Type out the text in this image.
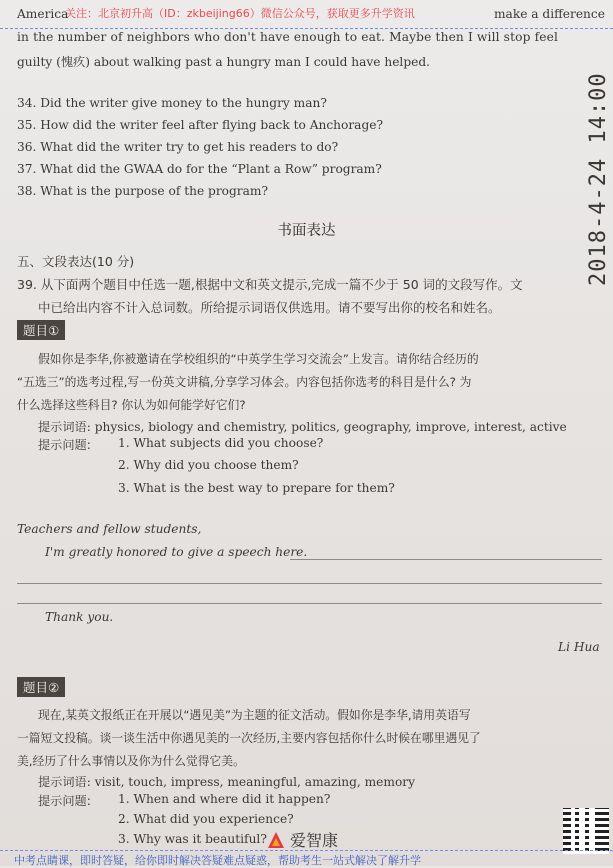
关注：北京初升高（ID：zkbeijing66）微信公众号，获取更多升学资讯
America	make a difference
in the number of neighbors who don't have enough to eat. Maybe then I will stop feel
guilty (愧疚) about walking past a hungry man I could have helped.
34. Did the writer give money to the hungry man?
35. How did the writer feel after flying back to Anchorage?
36. What did the writer try to get his readers to do?
37. What did the GWAA do for the “Plant a Row” program?
38. What is the purpose of the program?
书面表达
五、文段表达(10 分)
39. 从下面两个题目中任选一题,根据中文和英文提示,完成一篇不少于 50 词的文段写作。文
中已给出内容不计入总词数。所给提示词语仅供选用。请不要写出你的校名和姓名。
题目①
假如你是李华,你被邀请在学校组织的“中英学生学习交流会”上发言。请你结合经历的
“五选三”的选考过程,写一份英文讲稿,分享学习体会。内容包括你选考的科目是什么? 为
什么选择这些科目? 你认为如何能学好它们?
提示词语: physics, biology and chemistry, politics, geography, improve, interest, active
提示问题: 1. What subjects did you choose?
2. Why did you choose them?
3. What is the best way to prepare for them?
Teachers and fellow students,
I'm greatly honored to give a speech here.
Thank you.
Li Hua
题目②
现在,某英文报纸正在开展以“遇见美”为主题的征文活动。假如你是李华,请用英语写
一篇短文投稿。谈一谈生活中你遇见美的一次经历,主要内容包括你什么时候在哪里遇见了
美,经历了什么事情以及你为什么觉得它美。
提示词语: visit, touch, impress, meaningful, amazing, memory
提示问题: 1. When and where did it happen?
2. What did you experience?
3. Why was it beautiful?
2018-4-24 14:00
爱智康
中考点睛课，即时答疑，给你即时解决答疑难点疑惑，帮助考生一站式解决了解升学
